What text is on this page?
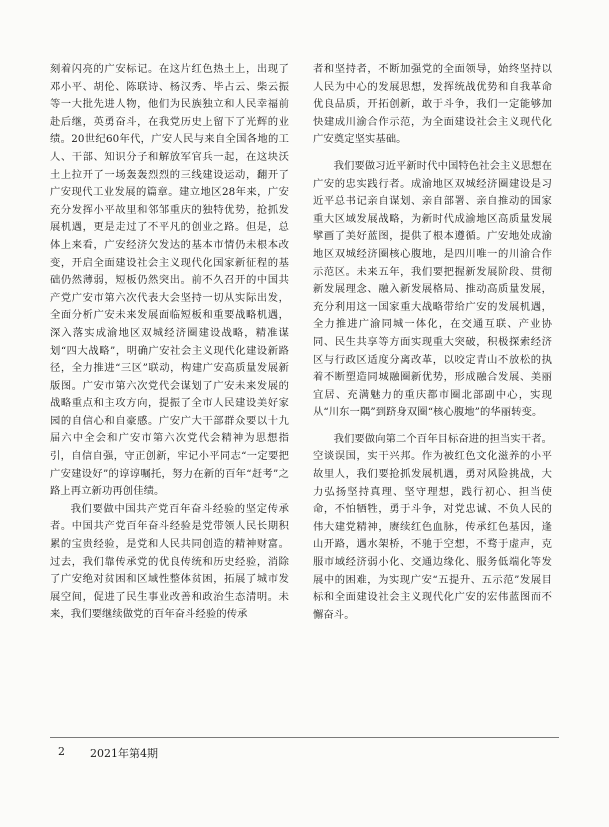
刻着闪亮的广安标记。在这片红色热土上，出现了邓小平、胡伦、陈联诗、杨汉秀、毕占云、柴云振等一大批先进人物，他们为民族独立和人民幸福前赴后继，英勇奋斗，在我党历史上留下了光辉的业绩。20世纪60年代，广安人民与来自全国各地的工人、干部、知识分子和解放军官兵一起，在这块沃土上拉开了一场轰轰烈烈的三线建设运动，翻开了广安现代工业发展的篇章。建立地区28年来，广安充分发挥小平故里和邻邹重庆的独特优势，抢抓发展机遇，更是走过了不平凡的创业之路。但是，总体上来看，广安经济欠发达的基本市情仍未根本改变，开启全面建设社会主义现代化国家新征程的基础仍然薄弱，短板仍然突出。前不久召开的中国共产党广安市第六次代表大会坚持一切从实际出发，全面分析广安未来发展面临短板和重要战略机遇，深入落实成渝地区双城经济圈建设战略，精准谋划“四大战略”，明确广安社会主义现代化建设新路径，全力推进“三区”联动，构建广安高质量发展新版图。广安市第六次党代会谋划了广安未来发展的战略重点和主攻方向，提振了全市人民建设美好家园的自信心和自豪感。广安广大干部群众要以十九届六中全会和广安市第六次党代会精神为思想指引，自信自强，守正创新，牢记小平同志“一定要把广安建设好”的谆谆嘱托，努力在新的百年“赶考”之路上再立新功再创佳绩。

我们要做中国共产党百年奋斗经验的坚定传承者。中国共产党百年奋斗经验是党带领人民长期积累的宝贵经验，是党和人民共同创造的精神财富。过去，我们靠传承党的优良传统和历史经验，消除了广安绝对贫困和区域性整体贫困，拓展了城市发展空间，促进了民生事业改善和政治生态清明。未来，我们要继续做党的百年奋斗经验的传承

者和坚持者，不断加强党的全面领导，始终坚持以人民为中心的发展思想，发挥统战优势和自我革命优良品质，开拓创新，敢于斗争，我们一定能够加快建成川渝合作示范，为全面建设社会主义现代化广安奠定坚实基础。

我们要做习近平新时代中国特色社会主义思想在广安的忠实践行者。成渝地区双城经济圈建设是习近平总书记亲自谋划、亲自部署、亲自推动的国家重大区域发展战略，为新时代成渝地区高质量发展擘画了美好蓝图，提供了根本遵循。广安地处成渝地区双城经济圈核心腹地，是四川唯一的川渝合作示范区。未来五年，我们要把握新发展阶段、贯彻新发展理念、融入新发展格局、推动高质量发展，充分利用这一国家重大战略带给广安的发展机遇，全力推进广渝同城一体化，在交通互联、产业协同、民生共享等方面实现重大突破，积极探索经济区与行政区适度分离改革，以咬定青山不放松的执着不断塑造同城融圈新优势，形成融合发展、美丽宜居、充满魅力的重庆都市圈北部副中心，实现从“川东一隅”到跻身双圈“核心腹地”的华丽转变。

我们要做向第二个百年目标奋进的担当实干者。空谈误国，实干兴邦。作为被红色文化滋养的小平故里人，我们要抢抓发展机遇，勇对风险挑战，大力弘扬坚持真理、坚守理想，践行初心、担当使命，不怕牺牲，勇于斗争，对党忠诚、不负人民的伟大建党精神，赓续红色血脉，传承红色基因，逢山开路，遇水架桥，不驰于空想，不骛于虚声，克服市域经济弱小化、交通边缘化、服务低端化等发展中的困难，为实现广安“五提升、五示范”发展目标和全面建设社会主义现代化广安的宏伟蓝图而不懈奋斗。

2 2021年第4期
